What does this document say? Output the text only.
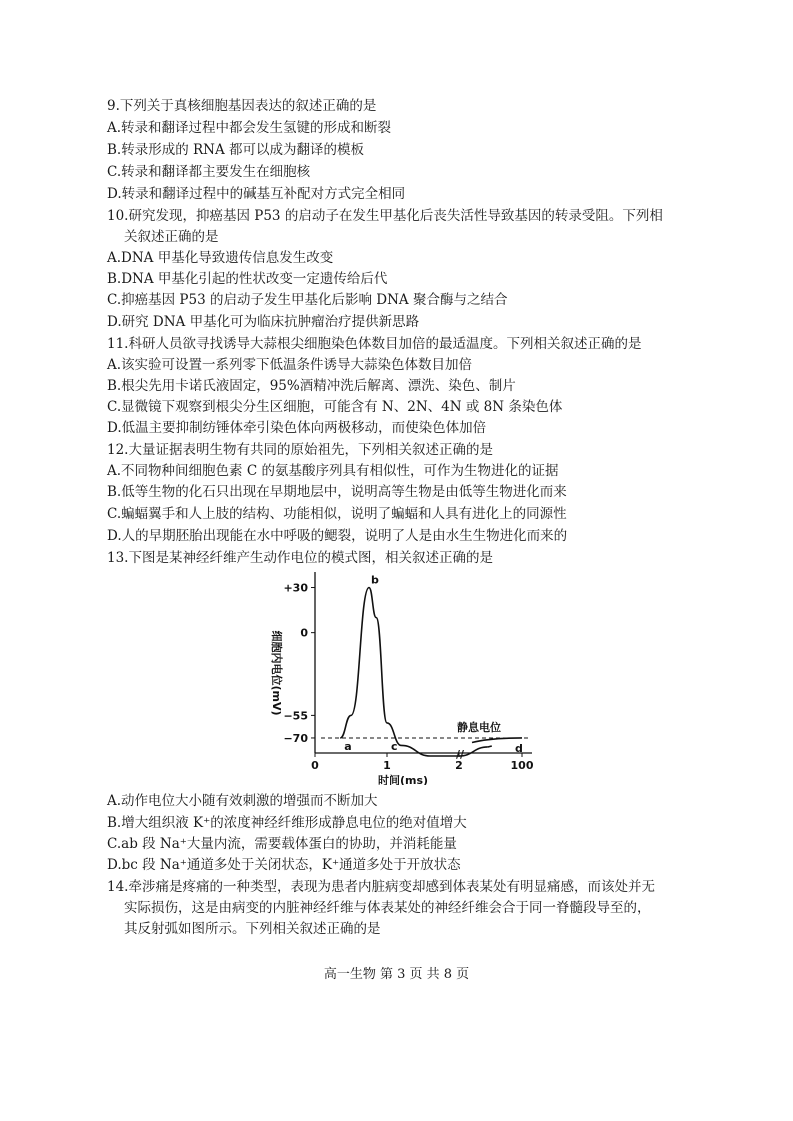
9.下列关于真核细胞基因表达的叙述正确的是
A.转录和翻译过程中都会发生氢键的形成和断裂
B.转录形成的 RNA 都可以成为翻译的模板
C.转录和翻译都主要发生在细胞核
D.转录和翻译过程中的碱基互补配对方式完全相同
10.研究发现，抑癌基因 P53 的启动子在发生甲基化后丧失活性导致基因的转录受阻。下列相
关叙述正确的是
A.DNA 甲基化导致遗传信息发生改变
B.DNA 甲基化引起的性状改变一定遗传给后代
C.抑癌基因 P53 的启动子发生甲基化后影响 DNA 聚合酶与之结合
D.研究 DNA 甲基化可为临床抗肿瘤治疗提供新思路
11.科研人员欲寻找诱导大蒜根尖细胞染色体数目加倍的最适温度。下列相关叙述正确的是
A.该实验可设置一系列零下低温条件诱导大蒜染色体数目加倍
B.根尖先用卡诺氏液固定，95%酒精冲洗后解离、漂洗、染色、制片
C.显微镜下观察到根尖分生区细胞，可能含有 N、2N、4N 或 8N 条染色体
D.低温主要抑制纺锤体牵引染色体向两极移动，而使染色体加倍
12.大量证据表明生物有共同的原始祖先，下列相关叙述正确的是
A.不同物种间细胞色素 C 的氨基酸序列具有相似性，可作为生物进化的证据
B.低等生物的化石只出现在早期地层中，说明高等生物是由低等生物进化而来
C.蝙蝠翼手和人上肢的结构、功能相似，说明了蝙蝠和人具有进化上的同源性
D.人的早期胚胎出现能在水中呼吸的鳃裂，说明了人是由水生生物进化而来的
13.下图是某神经纤维产生动作电位的模式图，相关叙述正确的是
+30
0
−55
−70
0	1	2	100
//
细胞内电位(mV)
时间(ms)
静息电位
a
b
c	d
A.动作电位大小随有效刺激的增强而不断加大
B.增大组织液 K⁺的浓度神经纤维形成静息电位的绝对值增大
C.ab 段 Na⁺大量内流，需要载体蛋白的协助，并消耗能量
D.bc 段 Na⁺通道多处于关闭状态，K⁺通道多处于开放状态
14.牵涉痛是疼痛的一种类型，表现为患者内脏病变却感到体表某处有明显痛感，而该处并无
实际损伤，这是由病变的内脏神经纤维与体表某处的神经纤维会合于同一脊髓段导至的，
其反射弧如图所示。下列相关叙述正确的是
高一生物 第 3 页 共 8 页
